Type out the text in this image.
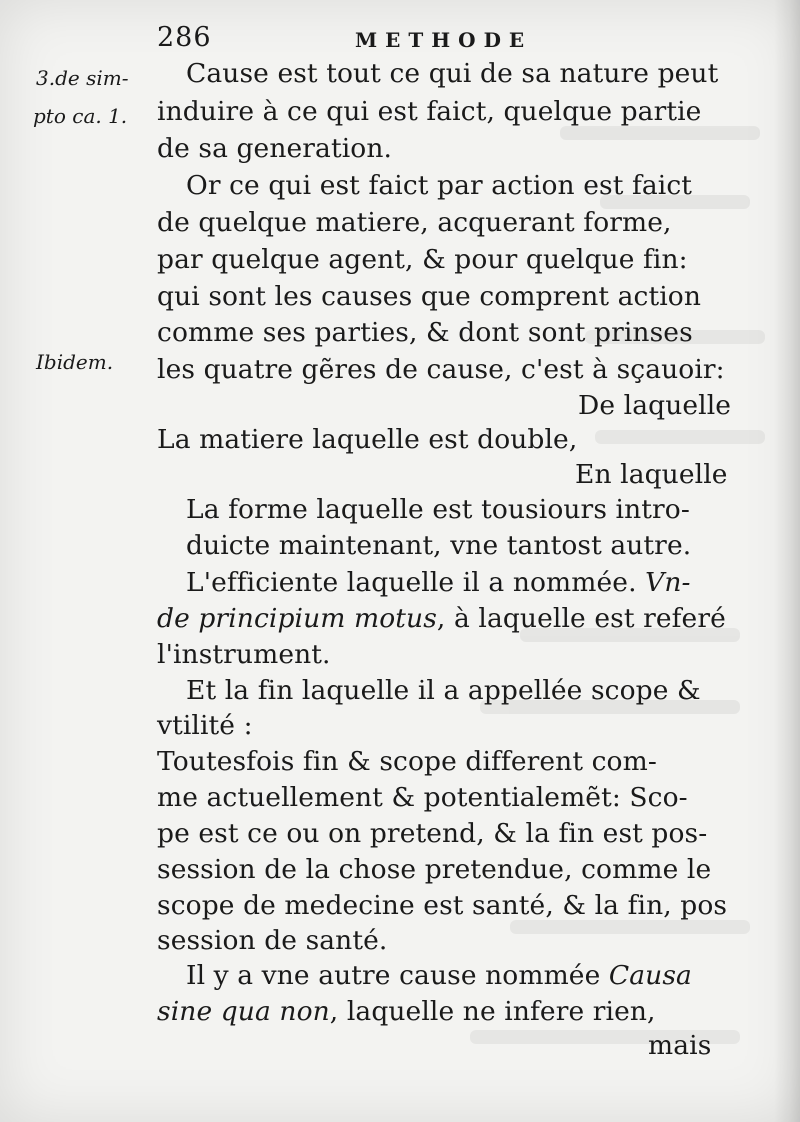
286	METHODE
3.de sim-
pto ca. 1.
Ibidem.
Cause est tout ce qui de sa nature peut
induire à ce qui est faict, quelque partie
de sa generation.
Or ce qui est faict par action est faict
de quelque matiere, acquerant forme,
par quelque agent, & pour quelque fin:
qui sont les causes que comprent action
comme ses parties, & dont sont prinses
les quatre gẽres de cause, c'est à sçauoir:
De laquelle
La matiere laquelle est double,
En laquelle
La forme laquelle est tousiours intro-
duicte maintenant, vne tantost autre.
L'efficiente laquelle il a nommée. Vn-
de principium motus, à laquelle est referé
l'instrument.
Et la fin laquelle il a appellée scope &
vtilité :
Toutesfois fin & scope different com-
me actuellement & potentialemẽt: Sco-
pe est ce ou on pretend, & la fin est pos-
session de la chose pretendue, comme le
scope de medecine est santé, & la fin, pos
session de santé.
Il y a vne autre cause nommée Causa
sine qua non, laquelle ne infere rien,
mais
